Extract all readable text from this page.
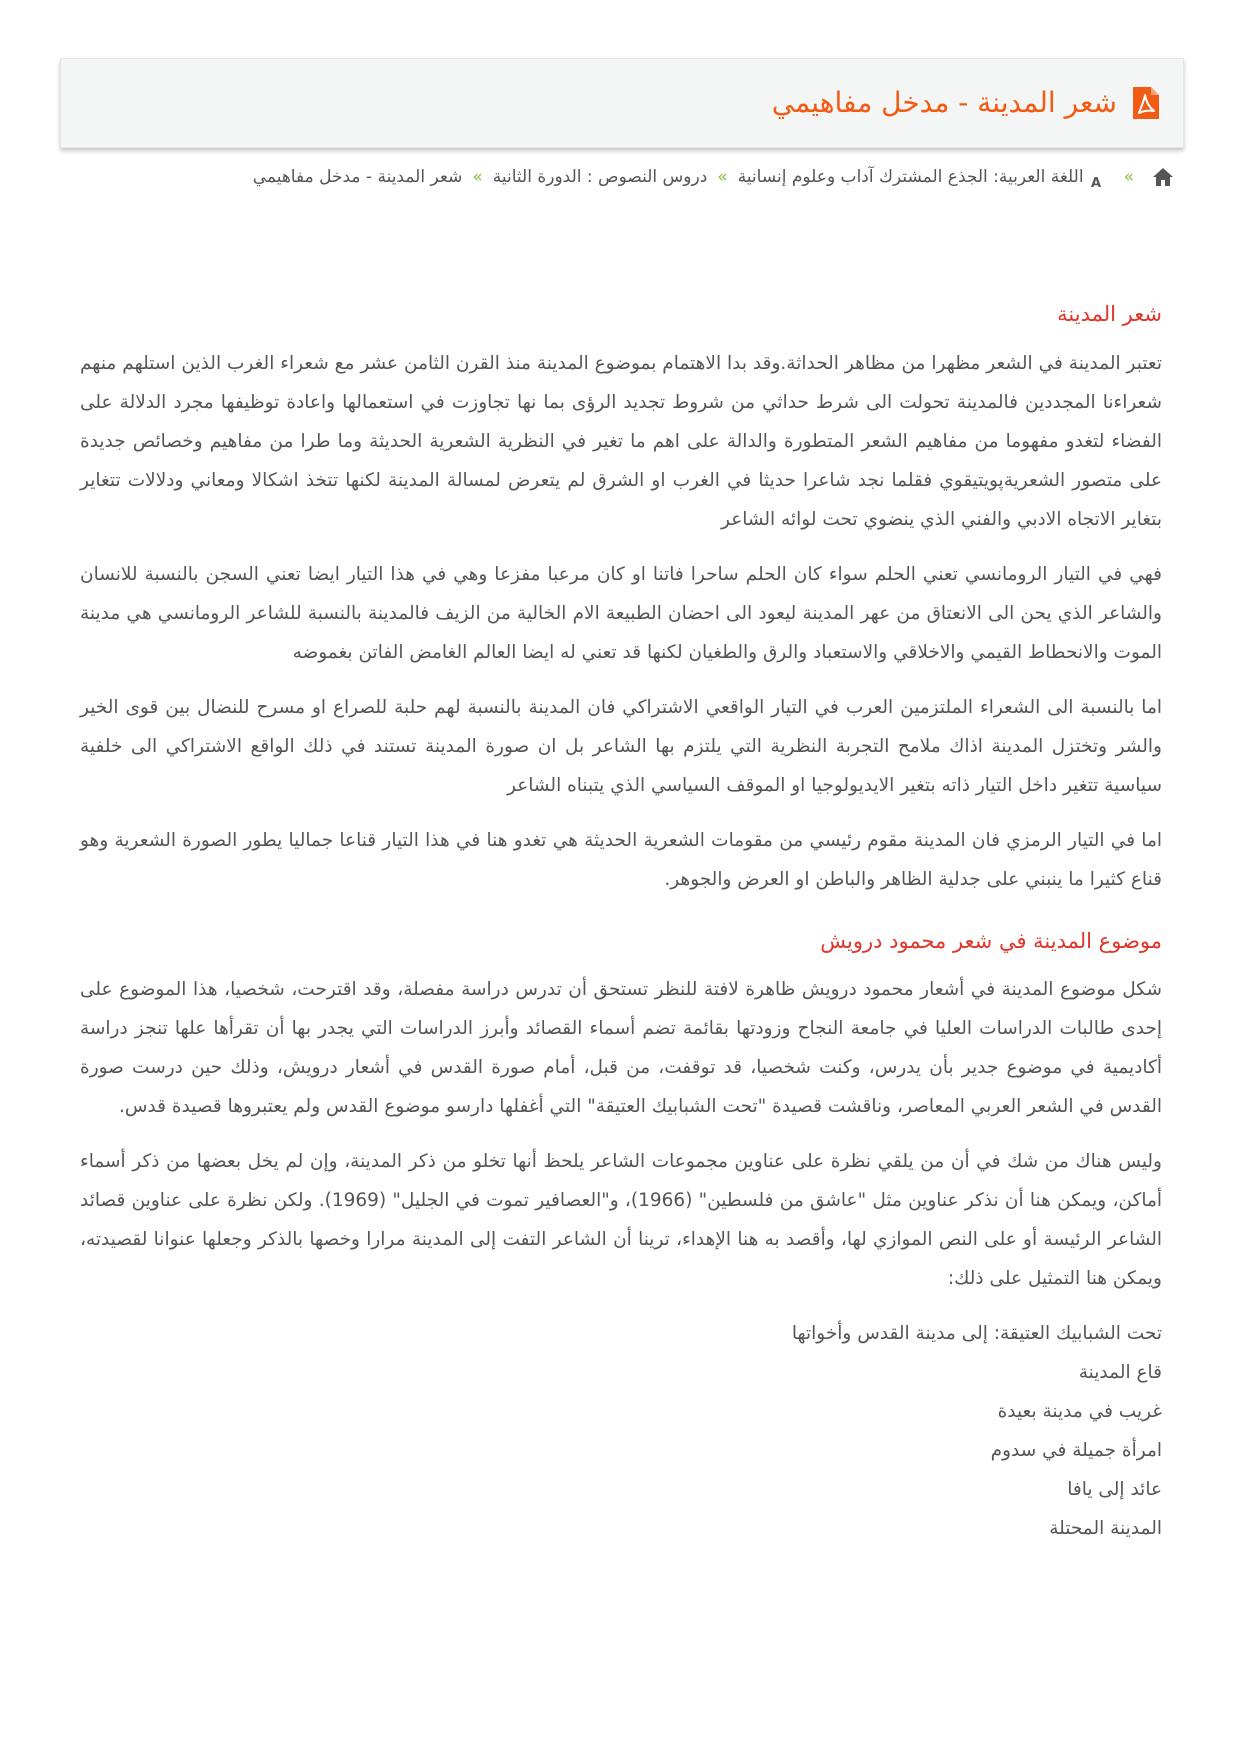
شعر المدينة - مدخل مفاهيمي
»
A
اللغة العربية: الجذع المشترك آداب وعلوم إنسانية
»
دروس النصوص : الدورة الثانية
»
شعر المدينة - مدخل مفاهيمي
شعر المدينة

تعتبر المدينة في الشعر مظهرا من مظاهر الحداثة.وقد بدا الاهتمام بموضوع المدينة منذ القرن الثامن عشر مع شعراء الغرب الذين استلهم منهم شعراءنا المجددين فالمدينة تحولت الى شرط حداثي من شروط تجديد الرؤى بما نها تجاوزت في استعمالها واعادة توظيفها مجرد الدلالة على الفضاء لتغدو مفهوما من مفاهيم الشعر المتطورة والدالة على اهم ما تغير في النظرية الشعرية الحديثة وما طرا من مفاهيم وخصائص جديدة على متصور الشعريةپويتيقوي فقلما نجد شاعرا حديثا في الغرب او الشرق لم يتعرض لمسالة المدينة لكنها تتخذ اشكالا ومعاني ودلالات تتغاير بتغاير الاتجاه الادبي والفني الذي ينضوي تحت لوائه الشاعر

فهي في التيار الرومانسي تعني الحلم سواء كان الحلم ساحرا فاتنا او كان مرعبا مفزعا وهي في هذا التيار ايضا تعني السجن بالنسبة للانسان والشاعر الذي يحن الى الانعتاق من عهر المدينة ليعود الى احضان الطبيعة الام الخالية من الزيف فالمدينة بالنسبة للشاعر الرومانسي هي مدينة الموت والانحطاط القيمي والاخلاقي والاستعباد والرق والطغيان لكنها قد تعني له ايضا العالم الغامض الفاتن بغموضه

اما بالنسبة الى الشعراء الملتزمين العرب في التيار الواقعي الاشتراكي فان المدينة بالنسبة لهم حلبة للصراع او مسرح للنضال بين قوى الخير والشر وتختزل المدينة اذاك ملامح التجربة النظرية التي يلتزم بها الشاعر بل ان صورة المدينة تستند في ذلك الواقع الاشتراكي الى خلفية سياسية تتغير داخل التيار ذاته بتغير الايديولوجيا او الموقف السياسي الذي يتبناه الشاعر

اما في التيار الرمزي فان المدينة مقوم رئيسي من مقومات الشعرية الحديثة هي تغدو هنا في هذا التيار قناعا جماليا يطور الصورة الشعرية وهو قناع كثيرا ما ينبني على جدلية الظاهر والباطن او العرض والجوهر.

موضوع المدينة في شعر محمود درويش

شكل موضوع المدينة في أشعار محمود درويش ظاهرة لافتة للنظر تستحق أن تدرس دراسة مفصلة، وقد اقترحت، شخصيا، هذا الموضوع على إحدى طالبات الدراسات العليا في جامعة النجاح وزودتها بقائمة تضم أسماء القصائد وأبرز الدراسات التي يجدر بها أن تقرأها علها تنجز دراسة أكاديمية في موضوع جدير بأن يدرس، وكنت شخصيا، قد توقفت، من قبل، أمام صورة القدس في أشعار درويش، وذلك حين درست صورة القدس في الشعر العربي المعاصر، وناقشت قصيدة "تحت الشبابيك العتيقة" التي أغفلها دارسو موضوع القدس ولم يعتبروها قصيدة قدس.

وليس هناك من شك في أن من يلقي نظرة على عناوين مجموعات الشاعر يلحظ أنها تخلو من ذكر المدينة، وإن لم يخل بعضها من ذكر أسماء أماكن، ويمكن هنا أن نذكر عناوين مثل "عاشق من فلسطين" (1966)، و"العصافير تموت في الجليل" (1969). ولكن نظرة على عناوين قصائد الشاعر الرئيسة أو على النص الموازي لها، وأقصد به هنا الإهداء، ترينا أن الشاعر التفت إلى المدينة مرارا وخصها بالذكر وجعلها عنوانا لقصيدته، ويمكن هنا التمثيل على ذلك:

تحت الشبابيك العتيقة: إلى مدينة القدس وأخواتها
قاع المدينة
غريب في مدينة بعيدة
امرأة جميلة في سدوم
عائد إلى يافا
المدينة المحتلة
